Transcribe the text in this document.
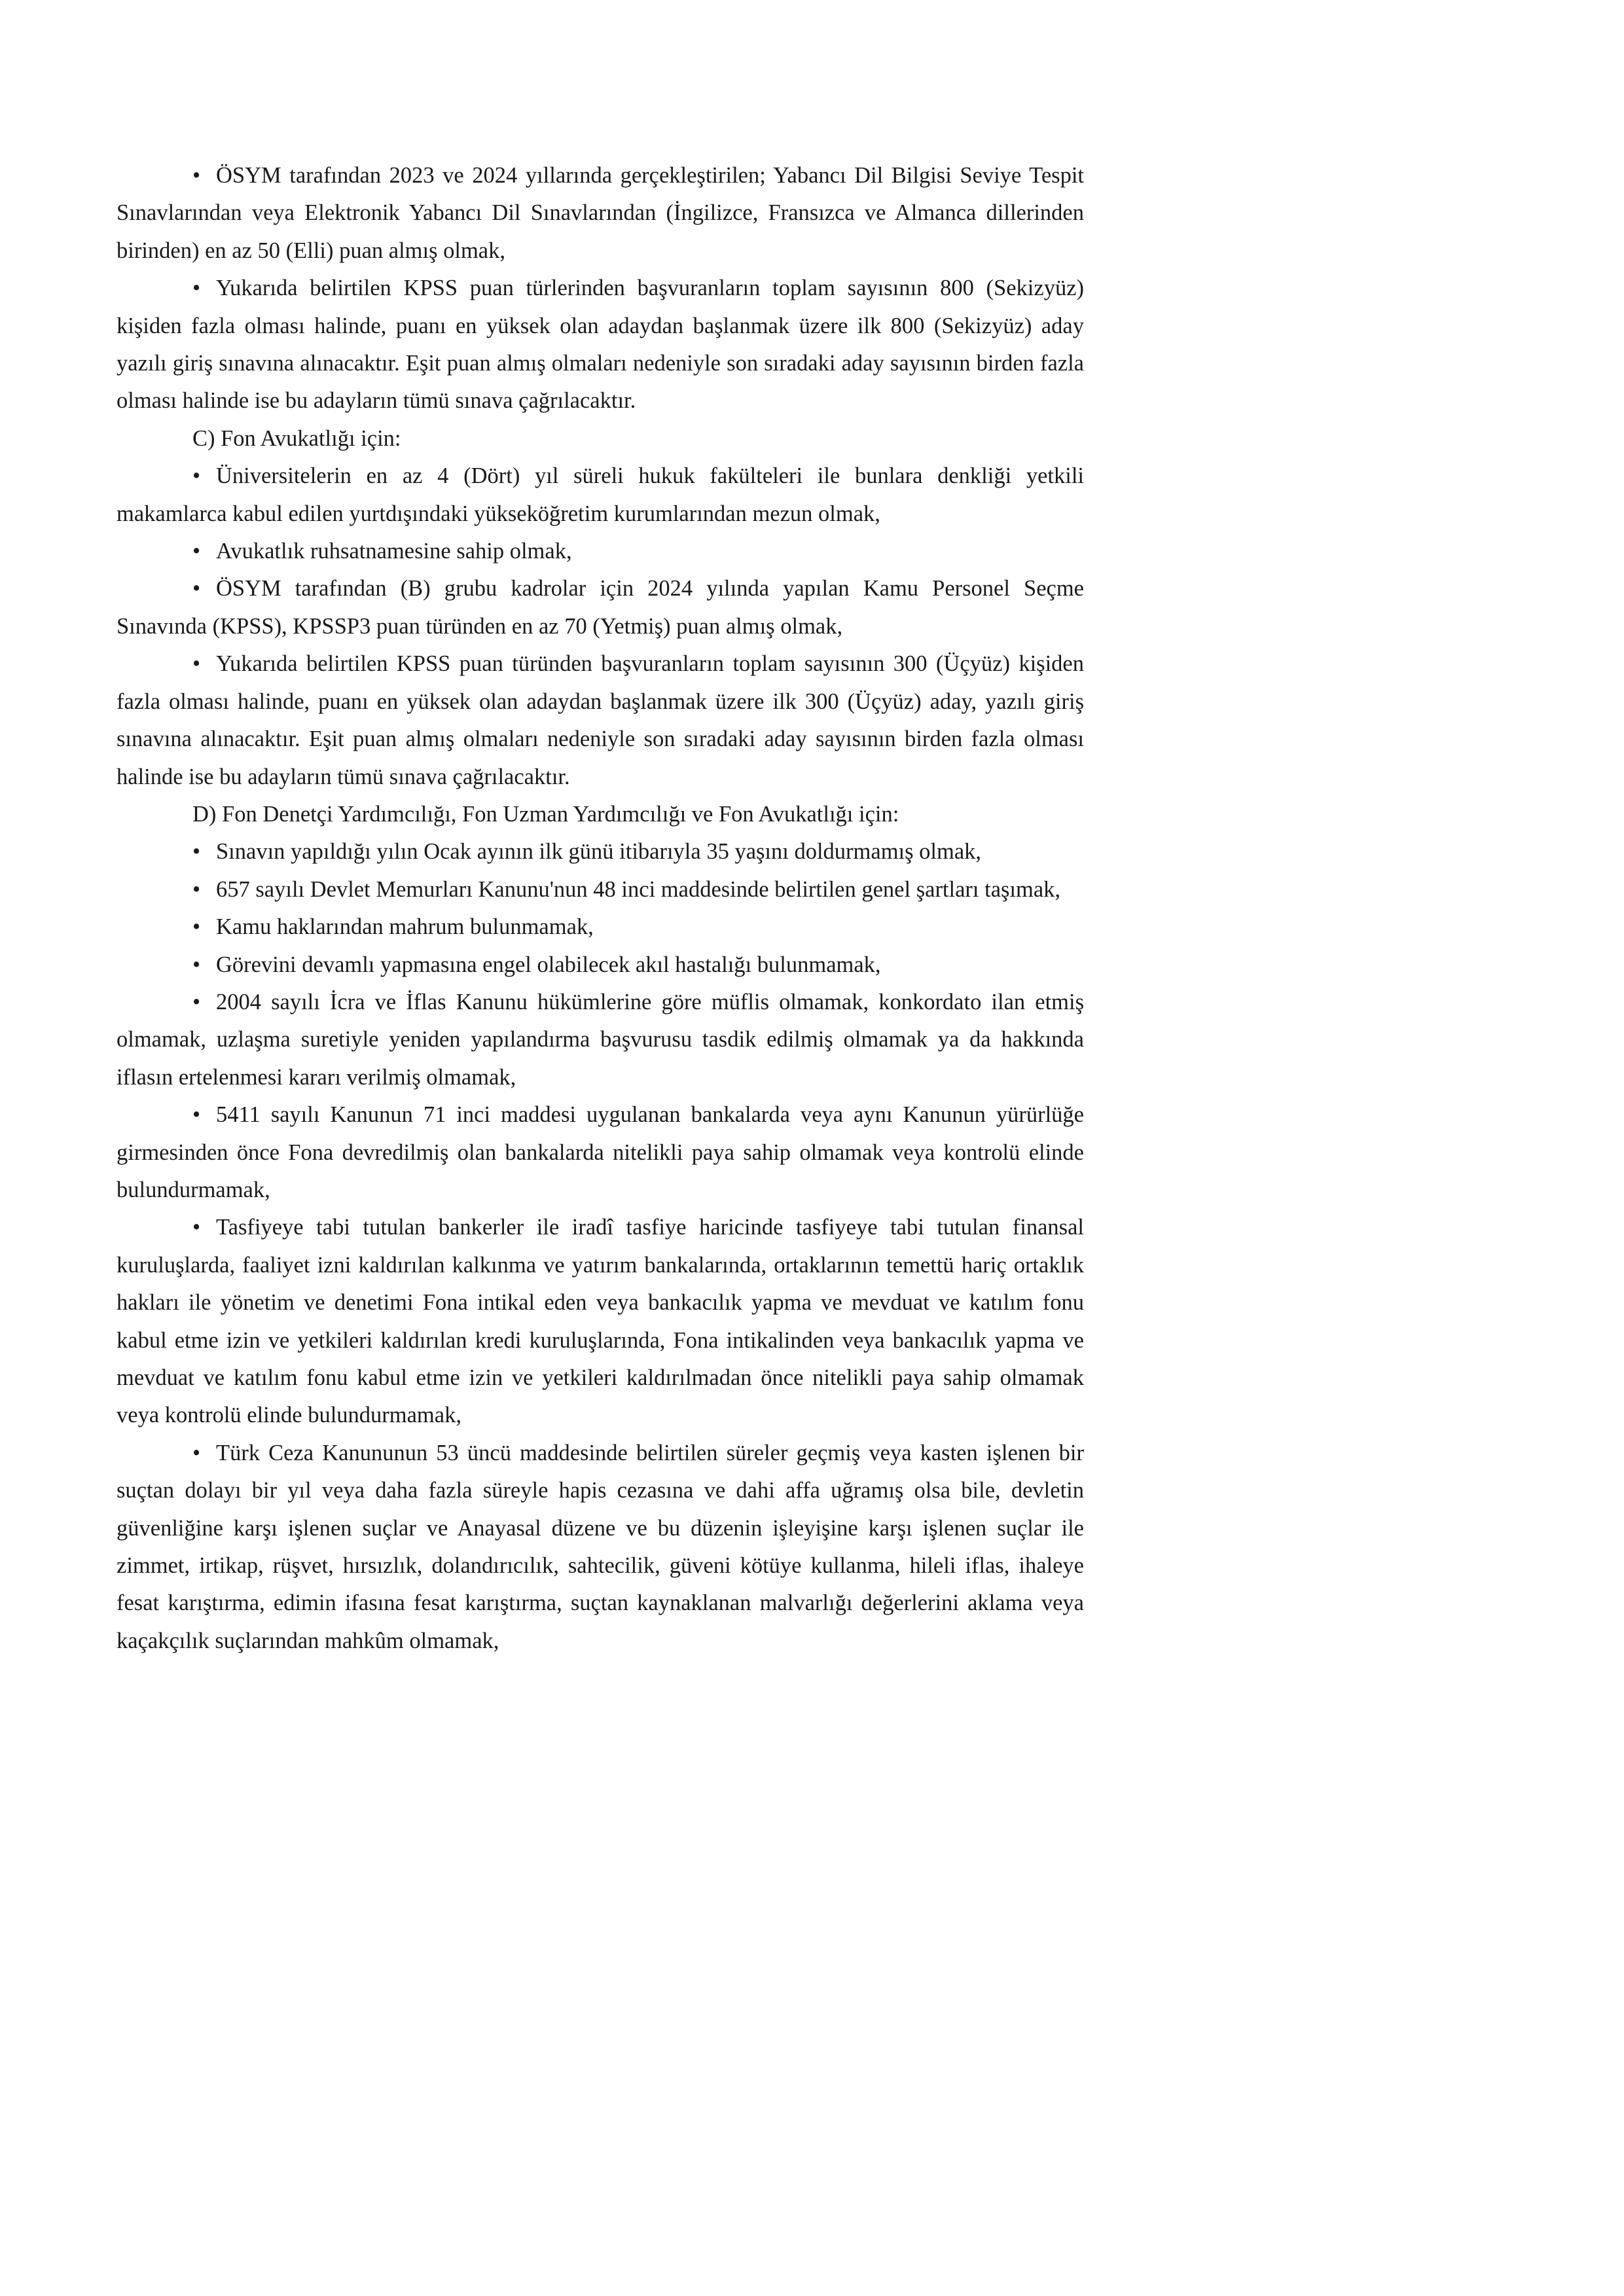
• ÖSYM tarafından 2023 ve 2024 yıllarında gerçekleştirilen; Yabancı Dil Bilgisi Seviye Tespit Sınavlarından veya Elektronik Yabancı Dil Sınavlarından (İngilizce, Fransızca ve Almanca dillerinden birinden) en az 50 (Elli) puan almış olmak,

• Yukarıda belirtilen KPSS puan türlerinden başvuranların toplam sayısının 800 (Sekizyüz) kişiden fazla olması halinde, puanı en yüksek olan adaydan başlanmak üzere ilk 800 (Sekizyüz) aday yazılı giriş sınavına alınacaktır. Eşit puan almış olmaları nedeniyle son sıradaki aday sayısının birden fazla olması halinde ise bu adayların tümü sınava çağrılacaktır.

C) Fon Avukatlığı için:

• Üniversitelerin en az 4 (Dört) yıl süreli hukuk fakülteleri ile bunlara denkliği yetkili makamlarca kabul edilen yurtdışındaki yükseköğretim kurumlarından mezun olmak,

• Avukatlık ruhsatnamesine sahip olmak,

• ÖSYM tarafından (B) grubu kadrolar için 2024 yılında yapılan Kamu Personel Seçme Sınavında (KPSS), KPSSP3 puan türünden en az 70 (Yetmiş) puan almış olmak,

• Yukarıda belirtilen KPSS puan türünden başvuranların toplam sayısının 300 (Üçyüz) kişiden fazla olması halinde, puanı en yüksek olan adaydan başlanmak üzere ilk 300 (Üçyüz) aday, yazılı giriş sınavına alınacaktır. Eşit puan almış olmaları nedeniyle son sıradaki aday sayısının birden fazla olması halinde ise bu adayların tümü sınava çağrılacaktır.

D) Fon Denetçi Yardımcılığı, Fon Uzman Yardımcılığı ve Fon Avukatlığı için:

• Sınavın yapıldığı yılın Ocak ayının ilk günü itibarıyla 35 yaşını doldurmamış olmak,

• 657 sayılı Devlet Memurları Kanunu'nun 48 inci maddesinde belirtilen genel şartları taşımak,

• Kamu haklarından mahrum bulunmamak,

• Görevini devamlı yapmasına engel olabilecek akıl hastalığı bulunmamak,

• 2004 sayılı İcra ve İflas Kanunu hükümlerine göre müflis olmamak, konkordato ilan etmiş olmamak, uzlaşma suretiyle yeniden yapılandırma başvurusu tasdik edilmiş olmamak ya da hakkında iflasın ertelenmesi kararı verilmiş olmamak,

• 5411 sayılı Kanunun 71 inci maddesi uygulanan bankalarda veya aynı Kanunun yürürlüğe girmesinden önce Fona devredilmiş olan bankalarda nitelikli paya sahip olmamak veya kontrolü elinde bulundurmamak,

• Tasfiyeye tabi tutulan bankerler ile iradî tasfiye haricinde tasfiyeye tabi tutulan finansal kuruluşlarda, faaliyet izni kaldırılan kalkınma ve yatırım bankalarında, ortaklarının temettü hariç ortaklık hakları ile yönetim ve denetimi Fona intikal eden veya bankacılık yapma ve mevduat ve katılım fonu kabul etme izin ve yetkileri kaldırılan kredi kuruluşlarında, Fona intikalinden veya bankacılık yapma ve mevduat ve katılım fonu kabul etme izin ve yetkileri kaldırılmadan önce nitelikli paya sahip olmamak veya kontrolü elinde bulundurmamak,

• Türk Ceza Kanununun 53 üncü maddesinde belirtilen süreler geçmiş veya kasten işlenen bir suçtan dolayı bir yıl veya daha fazla süreyle hapis cezasına ve dahi affa uğramış olsa bile, devletin güvenliğine karşı işlenen suçlar ve Anayasal düzene ve bu düzenin işleyişine karşı işlenen suçlar ile zimmet, irtikap, rüşvet, hırsızlık, dolandırıcılık, sahtecilik, güveni kötüye kullanma, hileli iflas, ihaleye fesat karıştırma, edimin ifasına fesat karıştırma, suçtan kaynaklanan malvarlığı değerlerini aklama veya kaçakçılık suçlarından mahkûm olmamak,
